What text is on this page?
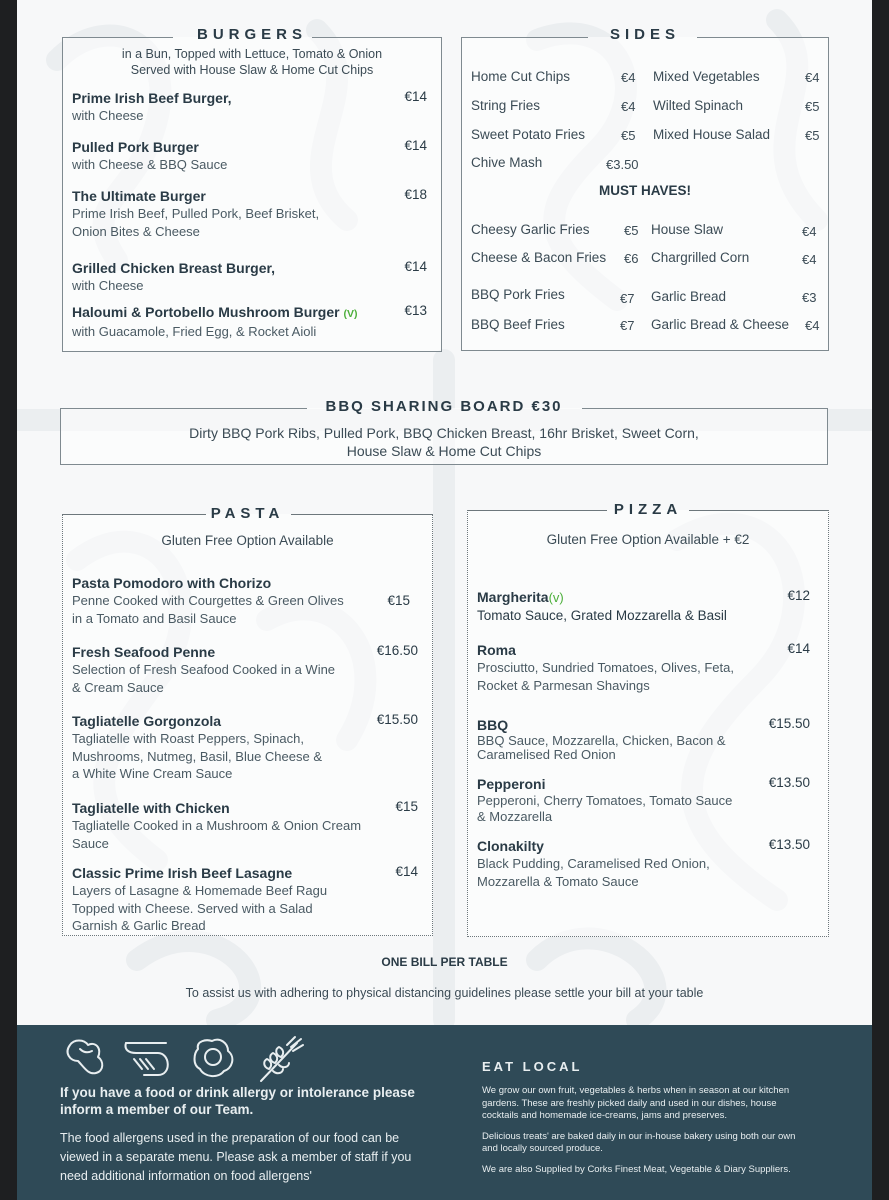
BURGERS
in a Bun, Topped with Lettuce, Tomato & Onion
Served with House Slaw & Home Cut Chips
Prime Irish Beef Burger,
with Cheese
€14
Pulled Pork Burger
with Cheese & BBQ Sauce
€14
The Ultimate Burger
Prime Irish Beef, Pulled Pork, Beef Brisket,
Onion Bites & Cheese
€18
Grilled Chicken Breast Burger,
with Cheese
€14
Haloumi & Portobello Mushroom Burger (V)
with Guacamole, Fried Egg, & Rocket Aioli
€13
SIDES
Home Cut Chips	€4
String Fries	€4
Sweet Potato Fries	€5
Chive Mash	€3.50
Mixed Vegetables	€4
Wilted Spinach	€5
Mixed House Salad	€5
MUST HAVES!
Cheesy Garlic Fries	€5
Cheese & Bacon Fries €6
BBQ Pork Fries	€7
BBQ Beef Fries	€7
House Slaw	€4
Chargrilled Corn	€4
Garlic Bread	€3
Garlic Bread & Cheese €4
BBQ SHARING BOARD €30
Dirty BBQ Pork Ribs, Pulled Pork, BBQ Chicken Breast, 16hr Brisket, Sweet Corn,
House Slaw & Home Cut Chips
PASTA
Gluten Free Option Available
Pasta Pomodoro with Chorizo
Penne Cooked with Courgettes & Green Olives
in a Tomato and Basil Sauce
€15
Fresh Seafood Penne
Selection of Fresh Seafood Cooked in a Wine
& Cream Sauce
€16.50
Tagliatelle Gorgonzola
Tagliatelle with Roast Peppers, Spinach,
Mushrooms, Nutmeg, Basil, Blue Cheese &
a White Wine Cream Sauce
€15.50
Tagliatelle with Chicken
Tagliatelle Cooked in a Mushroom & Onion Cream
Sauce
€15
Classic Prime Irish Beef Lasagne
Layers of Lasagne & Homemade Beef Ragu
Topped with Cheese. Served with a Salad
Garnish & Garlic Bread
€14
PIZZA
Gluten Free Option Available + €2
Margherita(v)
Tomato Sauce, Grated Mozzarella & Basil
€12
Roma
Prosciutto, Sundried Tomatoes, Olives, Feta,
Rocket & Parmesan Shavings
€14
BBQ
BBQ Sauce, Mozzarella, Chicken, Bacon &
Caramelised Red Onion
€15.50
Pepperoni
Pepperoni, Cherry Tomatoes, Tomato Sauce
& Mozzarella
€13.50
Clonakilty
Black Pudding, Caramelised Red Onion,
Mozzarella & Tomato Sauce
€13.50
ONE BILL PER TABLE
To assist us with adhering to physical distancing guidelines please settle your bill at your table
If you have a food or drink allergy or intolerance please
inform a member of our Team.
The food allergens used in the preparation of our food can be
viewed in a separate menu. Please ask a member of staff if you
need additional information on food allergens'
EAT LOCAL
We grow our own fruit, vegetables & herbs when in season at our kitchen
gardens. These are freshly picked daily and used in our dishes, house
cocktails and homemade ice-creams, jams and preserves.
Delicious treats' are baked daily in our in-house bakery using both our own
and locally sourced produce.
We are also Supplied by Corks Finest Meat, Vegetable & Diary Suppliers.
